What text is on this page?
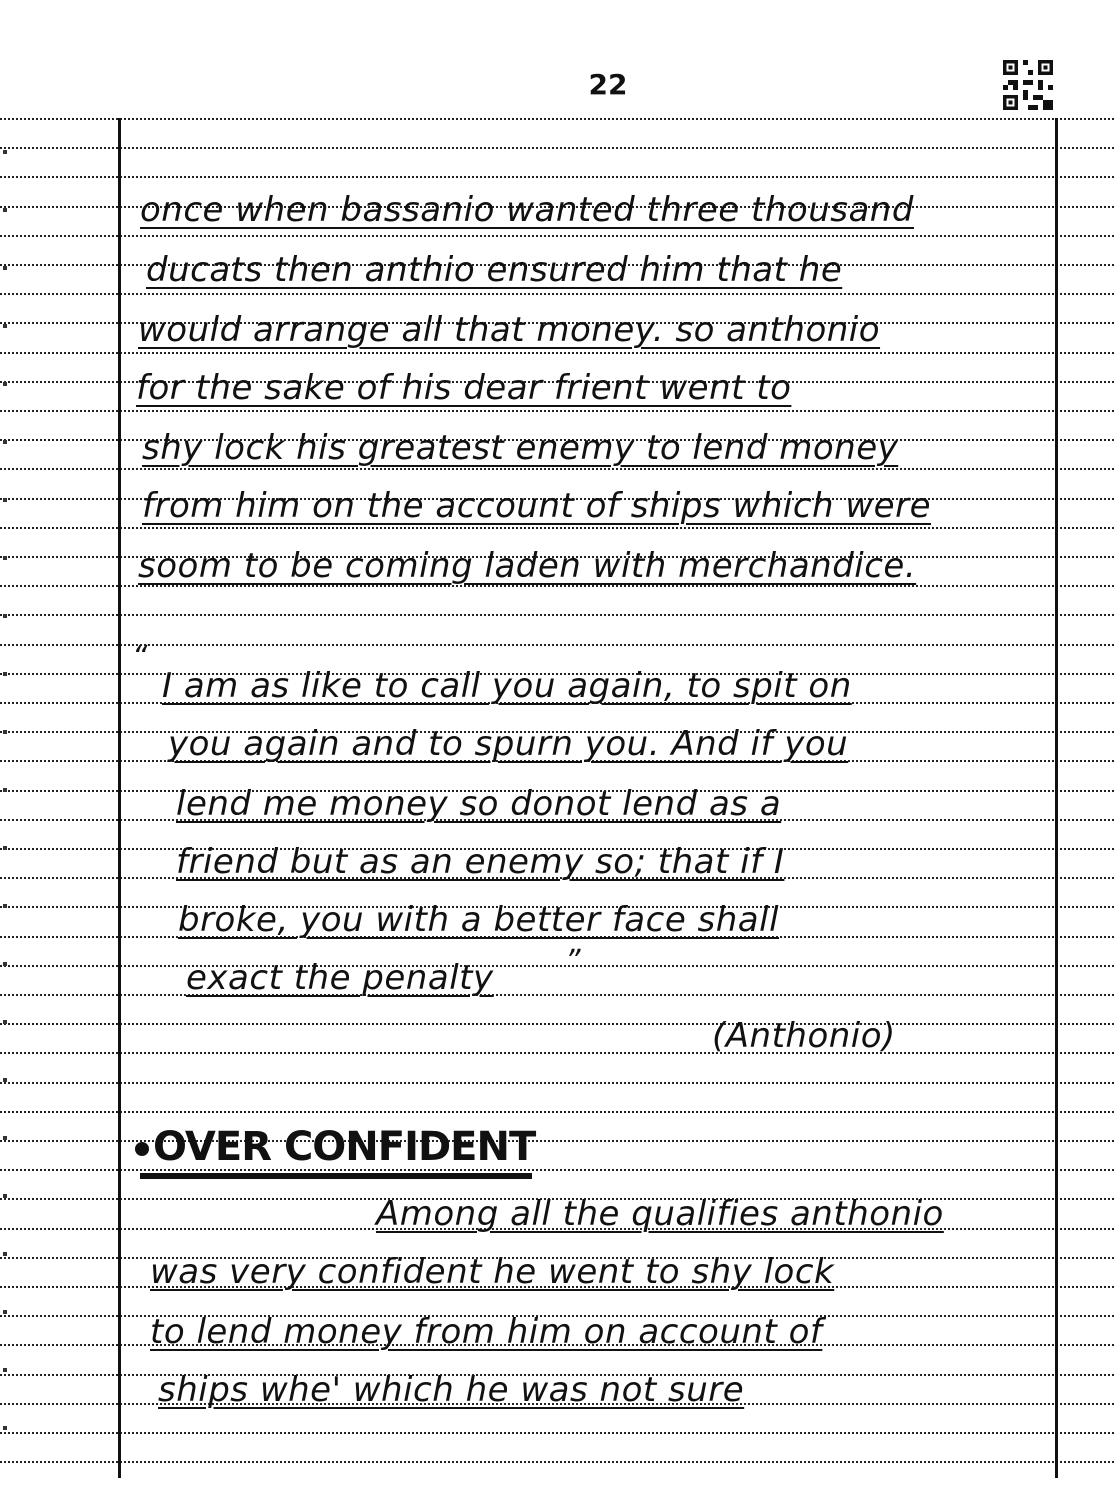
22
once when bassanio wanted three thousand
ducats then anthio ensured him that he
would arrange all that money. so anthonio
for the sake of his dear frient went to
shy lock his greatest enemy to lend money
from him on the account of ships which were
soom to be coming laden with merchandice.
“
I am as like to call you again, to spit on
you again and to spurn you. And if you
lend me money so donot lend as a
friend but as an enemy so; that if I
broke, you with a better face shall
exact the penalty ”
(Anthonio)
OVER CONFIDENT
Among all the qualifies anthonio
was very confident he went to shy lock
to lend money from him on account of
ships whe' which he was not sure
